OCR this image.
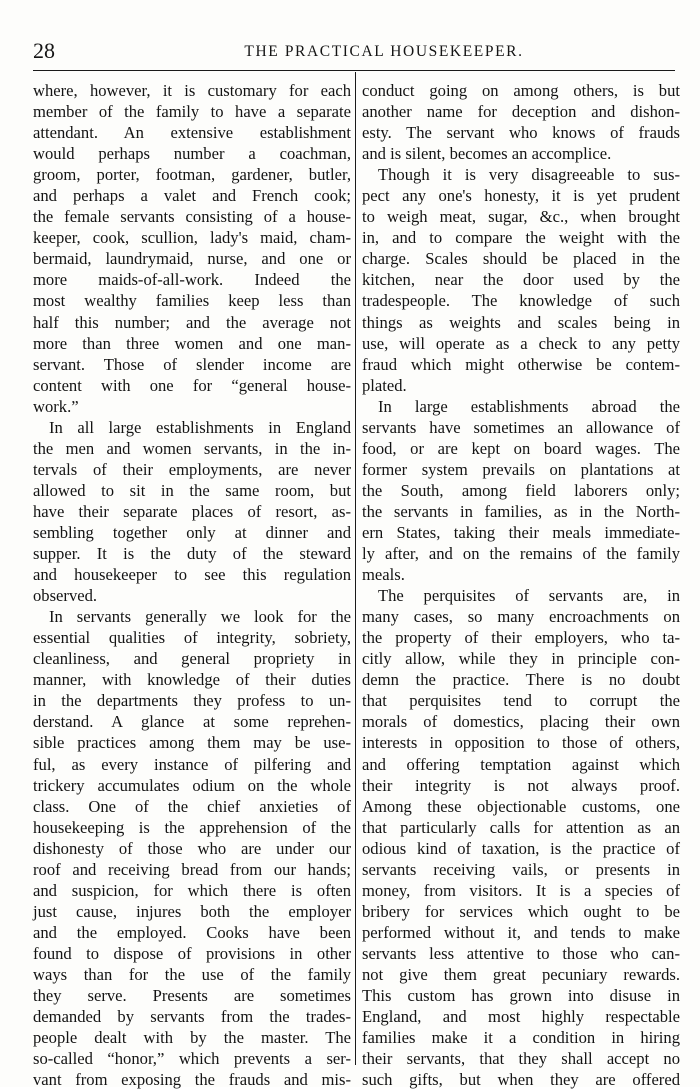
28	THE PRACTICAL HOUSEKEEPER.
where, however, it is customary for each
member of the family to have a separate
attendant. An extensive establishment
would perhaps number a coachman,
groom, porter, footman, gardener, butler,
and perhaps a valet and French cook;
the female servants consisting of a house-
keeper, cook, scullion, lady's maid, cham-
bermaid, laundrymaid, nurse, and one or
more maids-of-all-work. Indeed the
most wealthy families keep less than
half this number; and the average not
more than three women and one man-
servant. Those of slender income are
content with one for “general house-
work.”
In all large establishments in England
the men and women servants, in the in-
tervals of their employments, are never
allowed to sit in the same room, but
have their separate places of resort, as-
sembling together only at dinner and
supper. It is the duty of the steward
and housekeeper to see this regulation
observed.
In servants generally we look for the
essential qualities of integrity, sobriety,
cleanliness, and general propriety in
manner, with knowledge of their duties
in the departments they profess to un-
derstand. A glance at some reprehen-
sible practices among them may be use-
ful, as every instance of pilfering and
trickery accumulates odium on the whole
class. One of the chief anxieties of
housekeeping is the apprehension of the
dishonesty of those who are under our
roof and receiving bread from our hands;
and suspicion, for which there is often
just cause, injures both the employer
and the employed. Cooks have been
found to dispose of provisions in other
ways than for the use of the family
they serve. Presents are sometimes
demanded by servants from the trades-
people dealt with by the master. The
so-called “honor,” which prevents a ser-
vant from exposing the frauds and mis-
conduct going on among others, is but
another name for deception and dishon-
esty. The servant who knows of frauds
and is silent, becomes an accomplice.
Though it is very disagreeable to sus-
pect any one's honesty, it is yet prudent
to weigh meat, sugar, &c., when brought
in, and to compare the weight with the
charge. Scales should be placed in the
kitchen, near the door used by the
tradespeople. The knowledge of such
things as weights and scales being in
use, will operate as a check to any petty
fraud which might otherwise be contem-
plated.
In large establishments abroad the
servants have sometimes an allowance of
food, or are kept on board wages. The
former system prevails on plantations at
the South, among field laborers only;
the servants in families, as in the North-
ern States, taking their meals immediate-
ly after, and on the remains of the family
meals.
The perquisites of servants are, in
many cases, so many encroachments on
the property of their employers, who ta-
citly allow, while they in principle con-
demn the practice. There is no doubt
that perquisites tend to corrupt the
morals of domestics, placing their own
interests in opposition to those of others,
and offering temptation against which
their integrity is not always proof.
Among these objectionable customs, one
that particularly calls for attention as an
odious kind of taxation, is the practice of
servants receiving vails, or presents in
money, from visitors. It is a species of
bribery for services which ought to be
performed without it, and tends to make
servants less attentive to those who can-
not give them great pecuniary rewards.
This custom has grown into disuse in
England, and most highly respectable
families make it a condition in hiring
their servants, that they shall accept no
such gifts, but when they are offered
